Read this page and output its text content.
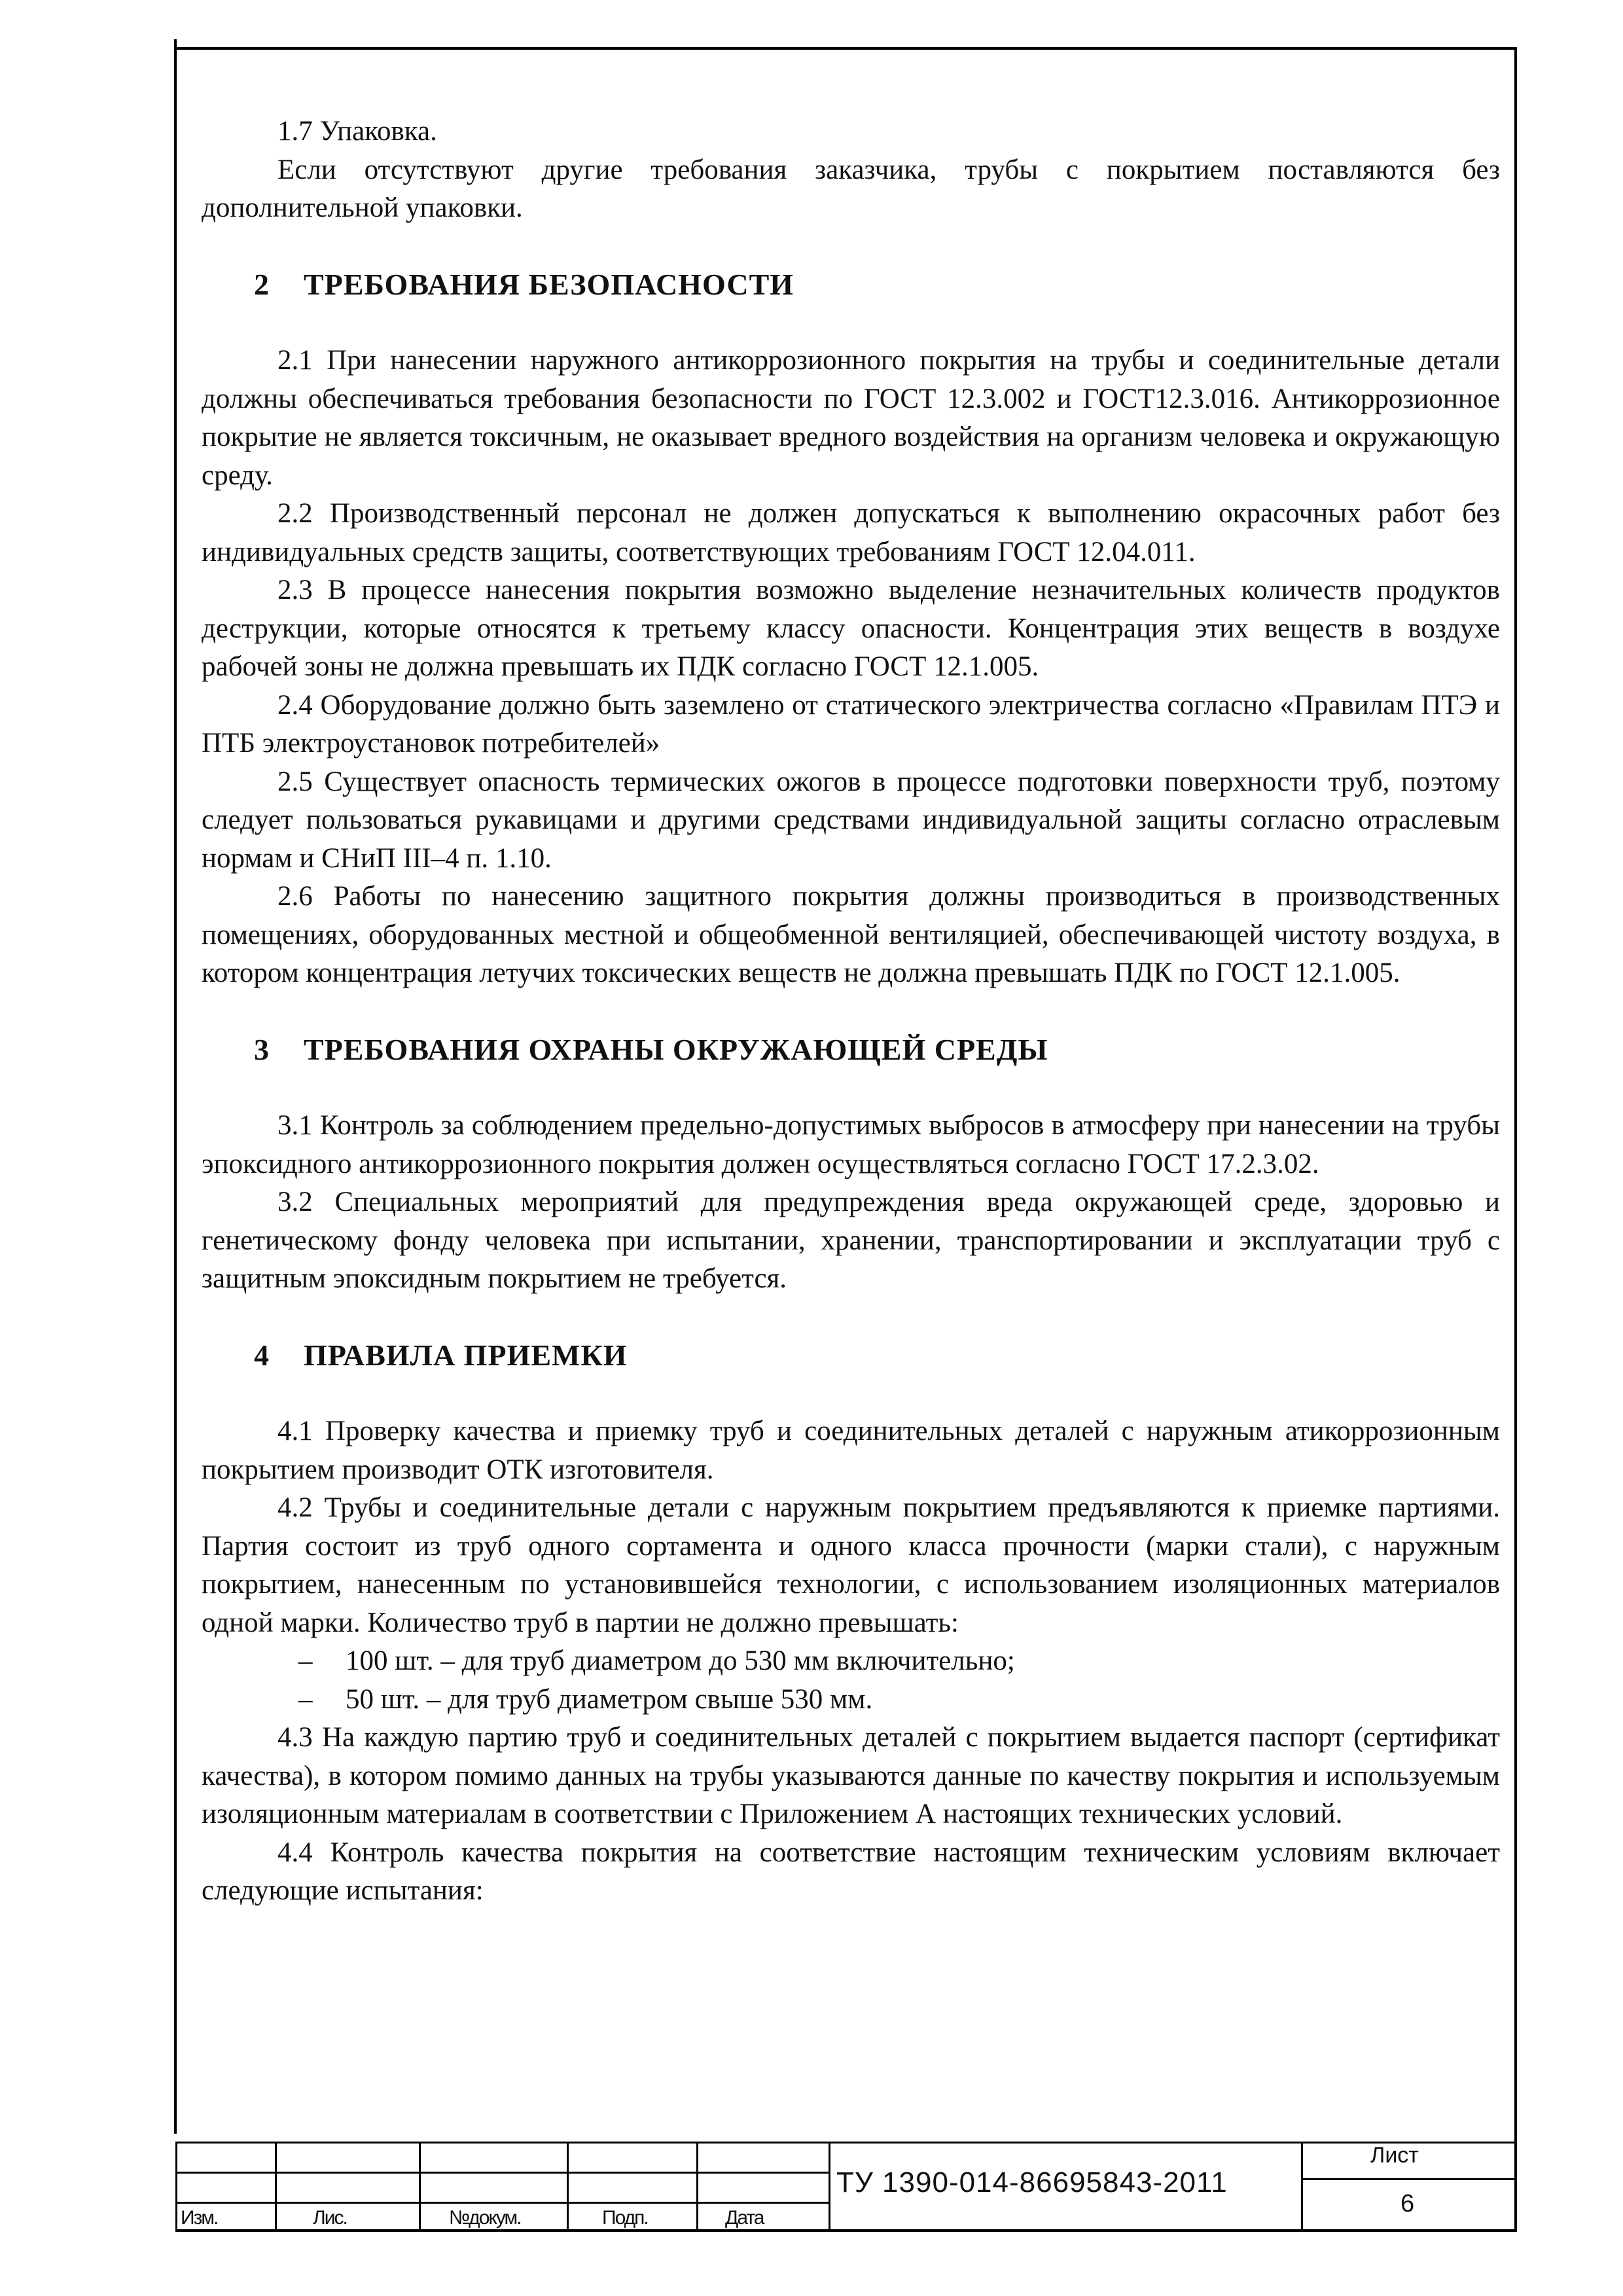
1.7 Упаковка.

Если отсутствуют другие требования заказчика, трубы с покрытием поставляются без дополнительной упаковки.

2 ТРЕБОВАНИЯ БЕЗОПАСНОСТИ

2.1 При нанесении наружного антикоррозионного покрытия на трубы и соединительные детали должны обеспечиваться требования безопасности по ГОСТ 12.3.002 и ГОСТ12.3.016. Антикоррозионное покрытие не является токсичным, не оказывает вредного воздействия на организм человека и окружающую среду.

2.2 Производственный персонал не должен допускаться к выполнению окрасочных работ без индивидуальных средств защиты, соответствующих требованиям ГОСТ 12.04.011.

2.3 В процессе нанесения покрытия возможно выделение незначительных количеств продуктов деструкции, которые относятся к третьему классу опасности. Концентрация этих веществ в воздухе рабочей зоны не должна превышать их ПДК согласно ГОСТ 12.1.005.

2.4 Оборудование должно быть заземлено от статического электричества согласно «Правилам ПТЭ и ПТБ электроустановок потребителей»

2.5 Существует опасность термических ожогов в процессе подготовки поверхности труб, поэтому следует пользоваться рукавицами и другими средствами индивидуальной защиты согласно отраслевым нормам и СНиП III–4 п. 1.10.

2.6 Работы по нанесению защитного покрытия должны производиться в производственных помещениях, оборудованных местной и общеобменной вентиляцией, обеспечивающей чистоту воздуха, в котором концентрация летучих токсических веществ не должна превышать ПДК по ГОСТ 12.1.005.

3 ТРЕБОВАНИЯ ОХРАНЫ ОКРУЖАЮЩЕЙ СРЕДЫ

3.1 Контроль за соблюдением предельно-допустимых выбросов в атмосферу при нанесении на трубы эпоксидного антикоррозионного покрытия должен осуществляться согласно ГОСТ 17.2.3.02.

3.2 Специальных мероприятий для предупреждения вреда окружающей среде, здоровью и генетическому фонду человека при испытании, хранении, транспортировании и эксплуатации труб с защитным эпоксидным покрытием не требуется.

4 ПРАВИЛА ПРИЕМКИ

4.1 Проверку качества и приемку труб и соединительных деталей с наружным атикоррозионным покрытием производит ОТК изготовителя.

4.2 Трубы и соединительные детали с наружным покрытием предъявляются к приемке партиями. Партия состоит из труб одного сортамента и одного класса прочности (марки стали), с наружным покрытием, нанесенным по установившейся технологии, с использованием изоляционных материалов одной марки. Количество труб в партии не должно превышать:

– 100 шт. – для труб диаметром до 530 мм включительно;

– 50 шт. – для труб диаметром свыше 530 мм.

4.3 На каждую партию труб и соединительных деталей с покрытием выдается паспорт (сертификат качества), в котором помимо данных на трубы указываются данные по качеству покрытия и используемым изоляционным материалам в соответствии с Приложением А настоящих технических условий.

4.4 Контроль качества покрытия на соответствие настоящим техническим условиям включает следующие испытания:

Изм.	Лис.	№докум.	Подп.	Дата
ТУ 1390-014-86695843-2011
Лист
6
